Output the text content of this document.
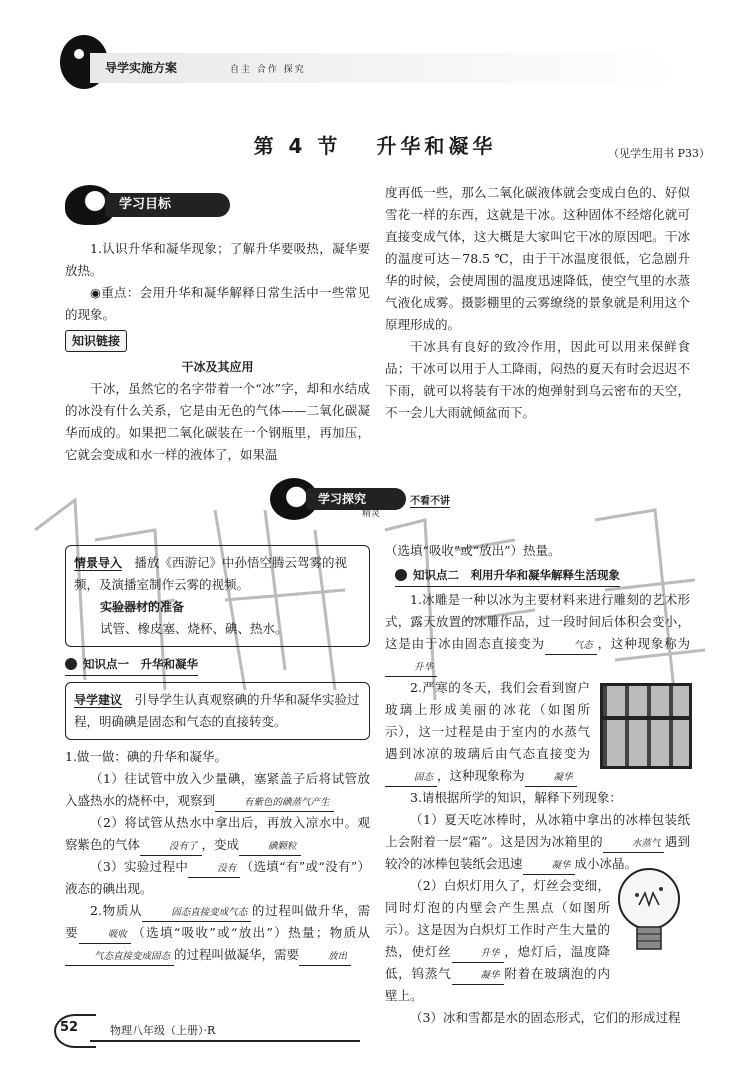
导学实施方案	自主 合作 探究
第 4 节　 升华和凝华	（见学生用书 P33）
学习目标

1.认识升华和凝华现象；了解升华要吸热，凝华要放热。

◉重点：会用升华和凝华解释日常生活中一些常见的现象。

知识链接
干冰及其应用

干冰，虽然它的名字带着一个“冰”字，却和水结成的冰没有什么关系，它是由无色的气体——二氧化碳凝华而成的。如果把二氧化碳装在一个钢瓶里，再加压，它就会变成和水一样的液体了，如果温

度再低一些，那么二氧化碳液体就会变成白色的、好似雪花一样的东西，这就是干冰。这种固体不经熔化就可直接变成气体，这大概是大家叫它干冰的原因吧。干冰的温度可达－78.5 ℃，由于干冰温度很低，它急剧升华的时候，会使周围的温度迅速降低，使空气里的水蒸气液化成雾。摄影棚里的云雾缭绕的景象就是利用这个原理形成的。

干冰具有良好的致冷作用，因此可以用来保鲜食品；干冰可以用于人工降雨，闷热的夏天有时会迟迟不下雨，就可以将装有干冰的炮弹射到乌云密布的天空，不一会儿大雨就倾盆而下。

学习探究	不看不讲
精灵
情景导入　 播放《西游记》中孙悟空腾云驾雾的视频，及演播室制作云雾的视频。
实验器材的准备
试管、橡皮塞、烧杯、碘、热水。
知识点一　升华和凝华
导学建议　 引导学生认真观察碘的升华和凝华实验过程，明确碘是固态和气态的直接转变。
1.做一做：碘的升华和凝华。

（1）往试管中放入少量碘，塞紧盖子后将试管放入盛热水的烧杯中，观察到	有紫色的碘蒸气产生

（2）将试管从热水中拿出后，再放入凉水中。观察紫色的气体	没有了 ，变成	碘颗粒

（3）实验过程中	没有 （选填“有”或“没有”）液态的碘出现。

2.物质从	固态直接变成气态 的过程叫做升华，需要	吸收 （选填“吸收”或“放出”）热量；物质从气态直接变成固态 的过程叫做凝华，需要	放出

（选填“吸收”或“放出”）热量。
知识点二　利用升华和凝华解释生活现象

1.冰雕是一种以冰为主要材料来进行雕刻的艺术形式，露天放置的冰雕作品，过一段时间后体积会变小，这是由于冰由固态直接变为	气态 ，这种现象称为升华

2.严寒的冬天，我们会看到窗户玻璃上形成美丽的冰花（如图所示），这一过程是由于室内的水蒸气遇到冰凉的玻璃后由气态直接变为固态 ，这种现象称为	凝华

3.请根据所学的知识，解释下列现象：

（1）夏天吃冰棒时，从冰箱中拿出的冰棒包装纸上会附着一层“霜”。这是因为冰箱里的	水蒸气 遇到较冷的冰棒包装纸会迅速	凝华 成小冰晶。

（2）白炽灯用久了，灯丝会变细，同时灯泡的内壁会产生黑点（如图所示）。这是因为白炽灯工作时产生大量的热，使灯丝	升华 ，熄灯后，温度降低，钨蒸气	凝华 附着在玻璃泡的内壁上。

（3）冰和雪都是水的固态形式，它们的形成过程

52	物理八年级（上册）·R
